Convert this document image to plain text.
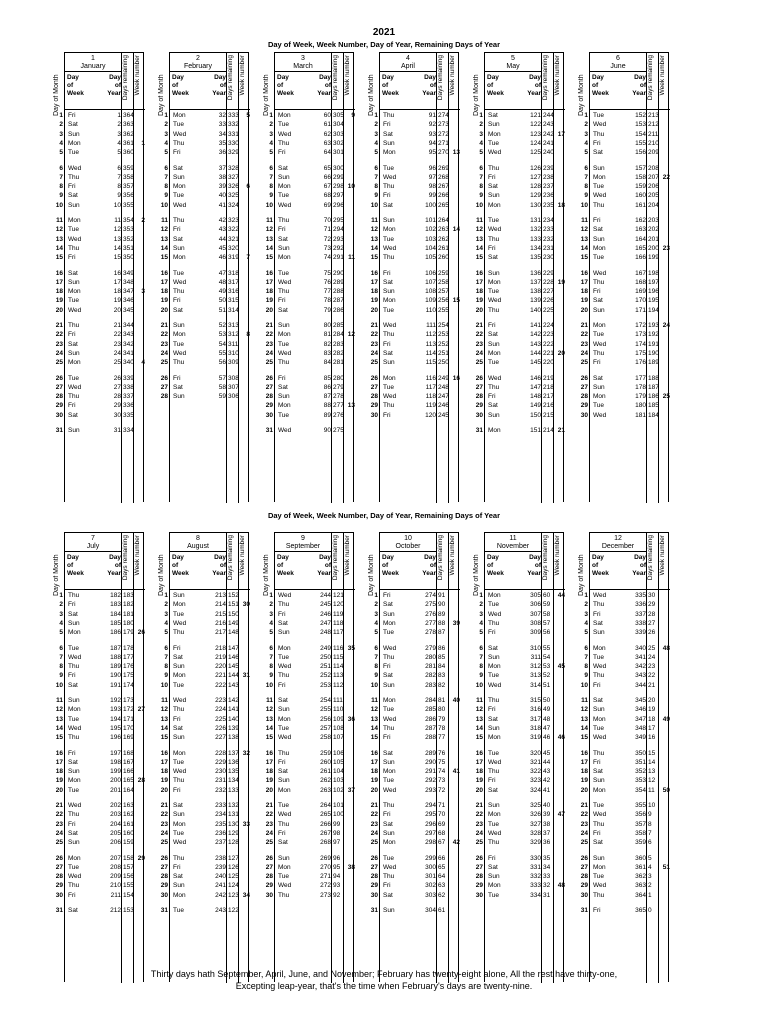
2021
Day of Week, Week Number, Day of Year, Remaining Days of Year
Day of Week, Week Number, Day of Year, Remaining Days of Year
Day of Month
1
January
Day
of
Week
Day
of
Year Days remaining Week number
1 Fri	1 364
2 Sat	2 363
3 Sun	3 362
4 Mon	4 361	1
5 Tue	5 360
6 Wed	6 359
7 Thu	7 358
8 Fri	8 357
9 Sat	9 356
10 Sun	10 355
11 Mon	11 354	2
12 Tue	12 353
13 Wed	13 352
14 Thu	14 351
15 Fri	15 350
16 Sat	16 349
17 Sun	17 348
18 Mon	18 347	3
19 Tue	19 346
20 Wed	20 345
21 Thu	21 344
22 Fri	22 343
23 Sat	23 342
24 Sun	24 341
25 Mon	25 340	4
26 Tue	26 339
27 Wed	27 338
28 Thu	28 337
29 Fri	29 336
30 Sat	30 335
31 Sun	31 334
Day of Month
2
February
Day
of
Week
Day
of
Year Days remaining Week number
1 Mon	32 333	5
2 Tue	33 332
3 Wed	34 331
4 Thu	35 330
5 Fri	36 329
6 Sat	37 328
7 Sun	38 327
8 Mon	39 326	6
9 Tue	40 325
10 Wed	41 324
11 Thu	42 323
12 Fri	43 322
13 Sat	44 321
14 Sun	45 320
15 Mon	46 319	7
16 Tue	47 318
17 Wed	48 317
18 Thu	49 316
19 Fri	50 315
20 Sat	51 314
21 Sun	52 313
22 Mon	53 312	8
23 Tue	54 311
24 Wed	55 310
25 Thu	56 309
26 Fri	57 308
27 Sat	58 307
28 Sun	59 306
Day of Month
3
March
Day
of
Week
Day
of
Year Days remaining Week number
1 Mon	60 305	9
2 Tue	61 304
3 Wed	62 303
4 Thu	63 302
5 Fri	64 301
6 Sat	65 300
7 Sun	66 299
8 Mon	67 298 10
9 Tue	68 297
10 Wed	69 296
11 Thu	70 295
12 Fri	71 294
13 Sat	72 293
14 Sun	73 292
15 Mon	74 291 11
16 Tue	75 290
17 Wed	76 289
18 Thu	77 288
19 Fri	78 287
20 Sat	79 286
21 Sun	80 285
22 Mon	81 284 12
23 Tue	82 283
24 Wed	83 282
25 Thu	84 281
26 Fri	85 280
27 Sat	86 279
28 Sun	87 278
29 Mon	88 277 13
30 Tue	89 276
31 Wed	90 275
Day of Month
4
April
Day
of
Week
Day
of
Year Days remaining Week number
1 Thu	91 274
2 Fri	92 273
3 Sat	93 272
4 Sun	94 271
5 Mon	95 270 13
6 Tue	96 269
7 Wed	97 268
8 Thu	98 267
9 Fri	99 266
10 Sat	100 265
11 Sun	101 264
12 Mon	102 263 14
13 Tue	103 262
14 Wed	104 261
15 Thu	105 260
16 Fri	106 259
17 Sat	107 258
18 Sun	108 257
19 Mon	109 256 15
20 Tue	110 255
21 Wed	111 254
22 Thu	112 253
23 Fri	113 252
24 Sat	114 251
25 Sun	115 250
26 Mon	116 249 16
27 Tue	117 248
28 Wed	118 247
29 Thu	119 246
30 Fri	120 245
Day of Month
5
May
Day
of
Week
Day
of
Year Days remaining Week number
1 Sat	121 244
2 Sun	122 243
3 Mon	123 242 17
4 Tue	124 241
5 Wed	125 240
6 Thu	126 239
7 Fri	127 238
8 Sat	128 237
9 Sun	129 236
10 Mon	130 235 18
11 Tue	131 234
12 Wed	132 233
13 Thu	133 232
14 Fri	134 231
15 Sat	135 230
16 Sun	136 229
17 Mon	137 228 19
18 Tue	138 227
19 Wed	139 226
20 Thu	140 225
21 Fri	141 224
22 Sat	142 223
23 Sun	143 222
24 Mon	144 221 20
25 Tue	145 220
26 Wed	146 219
27 Thu	147 218
28 Fri	148 217
29 Sat	149 216
30 Sun	150 215
31 Mon	151 214 21
Day of Month
6
June
Day
of
Week
Day
of
Year Days remaining Week number
1 Tue	152 213
2 Wed	153 212
3 Thu	154 211
4 Fri	155 210
5 Sat	156 209
6 Sun	157 208
7 Mon	158 207 22
8 Tue	159 206
9 Wed	160 205
10 Thu	161 204
11 Fri	162 203
12 Sat	163 202
13 Sun	164 201
14 Mon	165 200 23
15 Tue	166 199
16 Wed	167 198
17 Thu	168 197
18 Fri	169 196
19 Sat	170 195
20 Sun	171 194
21 Mon	172 193 24
22 Tue	173 192
23 Wed	174 191
24 Thu	175 190
25 Fri	176 189
26 Sat	177 188
27 Sun	178 187
28 Mon	179 186 25
29 Tue	180 185
30 Wed	181 184
Day of Month
7
July
Day
of
Week
Day
of
Year Days remaining Week number
1 Thu	182 183
2 Fri	183 182
3 Sat	184 181
4 Sun	185 180
5 Mon	186 179 26
6 Tue	187 178
7 Wed	188 177
8 Thu	189 176
9 Fri	190 175
10 Sat	191 174
11 Sun	192 173
12 Mon	193 172 27
13 Tue	194 171
14 Wed	195 170
15 Thu	196 169
16 Fri	197 168
17 Sat	198 167
18 Sun	199 166
19 Mon	200 165 28
20 Tue	201 164
21 Wed	202 163
22 Thu	203 162
23 Fri	204 161
24 Sat	205 160
25 Sun	206 159
26 Mon	207 158 29
27 Tue	208 157
28 Wed	209 156
29 Thu	210 155
30 Fri	211 154
31 Sat	212 153
Day of Month
8
August
Day
of
Week
Day
of
Year Days remaining Week number
1 Sun	213 152
2 Mon	214 151 30
3 Tue	215 150
4 Wed	216 149
5 Thu	217 148
6 Fri	218 147
7 Sat	219 146
8 Sun	220 145
9 Mon	221 144 31
10 Tue	222 143
11 Wed	223 142
12 Thu	224 141
13 Fri	225 140
14 Sat	226 139
15 Sun	227 138
16 Mon	228 137 32
17 Tue	229 136
18 Wed	230 135
19 Thu	231 134
20 Fri	232 133
21 Sat	233 132
22 Sun	234 131
23 Mon	235 130 33
24 Tue	236 129
25 Wed	237 128
26 Thu	238 127
27 Fri	239 126
28 Sat	240 125
29 Sun	241 124
30 Mon	242 123 34
31 Tue	243 122
Day of Month
9
September
Day
of
Week
Day
of
Year Days remaining Week number
1 Wed	244 121
2 Thu	245 120
3 Fri	246 119
4 Sat	247 118
5 Sun	248 117
6 Mon	249 116 35
7 Tue	250 115
8 Wed	251 114
9 Thu	252 113
10 Fri	253 112
11 Sat	254 111
12 Sun	255 110
13 Mon	256 109 36
14 Tue	257 108
15 Wed	258 107
16 Thu	259 106
17 Fri	260 105
18 Sat	261 104
19 Sun	262 103
20 Mon	263 102 37
21 Tue	264 101
22 Wed	265 100
23 Thu	266 99
24 Fri	267 98
25 Sat	268 97
26 Sun	269 96
27 Mon	270 95	38
28 Tue	271 94
29 Wed	272 93
30 Thu	273 92
Day of Month
10
October
Day
of
Week
Day
of
Year Days remaining Week number
1 Fri	274 91
2 Sat	275 90
3 Sun	276 89
4 Mon	277 88	39
5 Tue	278 87
6 Wed	279 86
7 Thu	280 85
8 Fri	281 84
9 Sat	282 83
10 Sun	283 82
11 Mon	284 81	40
12 Tue	285 80
13 Wed	286 79
14 Thu	287 78
15 Fri	288 77
16 Sat	289 76
17 Sun	290 75
18 Mon	291 74	41
19 Tue	292 73
20 Wed	293 72
21 Thu	294 71
22 Fri	295 70
23 Sat	296 69
24 Sun	297 68
25 Mon	298 67	42
26 Tue	299 66
27 Wed	300 65
28 Thu	301 64
29 Fri	302 63
30 Sat	303 62
31 Sun	304 61
Day of Month
11
November
Day
of
Week
Day
of
Year Days remaining Week number
1 Mon	305 60	44
2 Tue	306 59
3 Wed	307 58
4 Thu	308 57
5 Fri	309 56
6 Sat	310 55
7 Sun	311 54
8 Mon	312 53	45
9 Tue	313 52
10 Wed	314 51
11 Thu	315 50
12 Fri	316 49
13 Sat	317 48
14 Sun	318 47
15 Mon	319 46	46
16 Tue	320 45
17 Wed	321 44
18 Thu	322 43
19 Fri	323 42
20 Sat	324 41
21 Sun	325 40
22 Mon	326 39	47
23 Tue	327 38
24 Wed	328 37
25 Thu	329 36
26 Fri	330 35
27 Sat	331 34
28 Sun	332 33
29 Mon	333 32	48
30 Tue	334 31
Day of Month
12
December
Day
of
Week
Day
of
Year Days remaining Week number
1 Wed	335 30
2 Thu	336 29
3 Fri	337 28
4 Sat	338 27
5 Sun	339 26
6 Mon	340 25	48
7 Tue	341 24
8 Wed	342 23
9 Thu	343 22
10 Fri	344 21
11 Sat	345 20
12 Sun	346 19
13 Mon	347 18	49
14 Tue	348 17
15 Wed	349 16
16 Thu	350 15
17 Fri	351 14
18 Sat	352 13
19 Sun	353 12
20 Mon	354 11	50
21 Tue	355 10
22 Wed	356 9
23 Thu	357 8
24 Fri	358 7
25 Sat	359 6
26 Sun	360 5
27 Mon	361 4	51
28 Tue	362 3
29 Wed	363 2
30 Thu	364 1
31 Fri	365 0
Thirty days hath September, April, June, and November; February has twenty-eight alone, All the rest have thirty-one,
Excepting leap-year, that's the time when February's days are twenty-nine.
